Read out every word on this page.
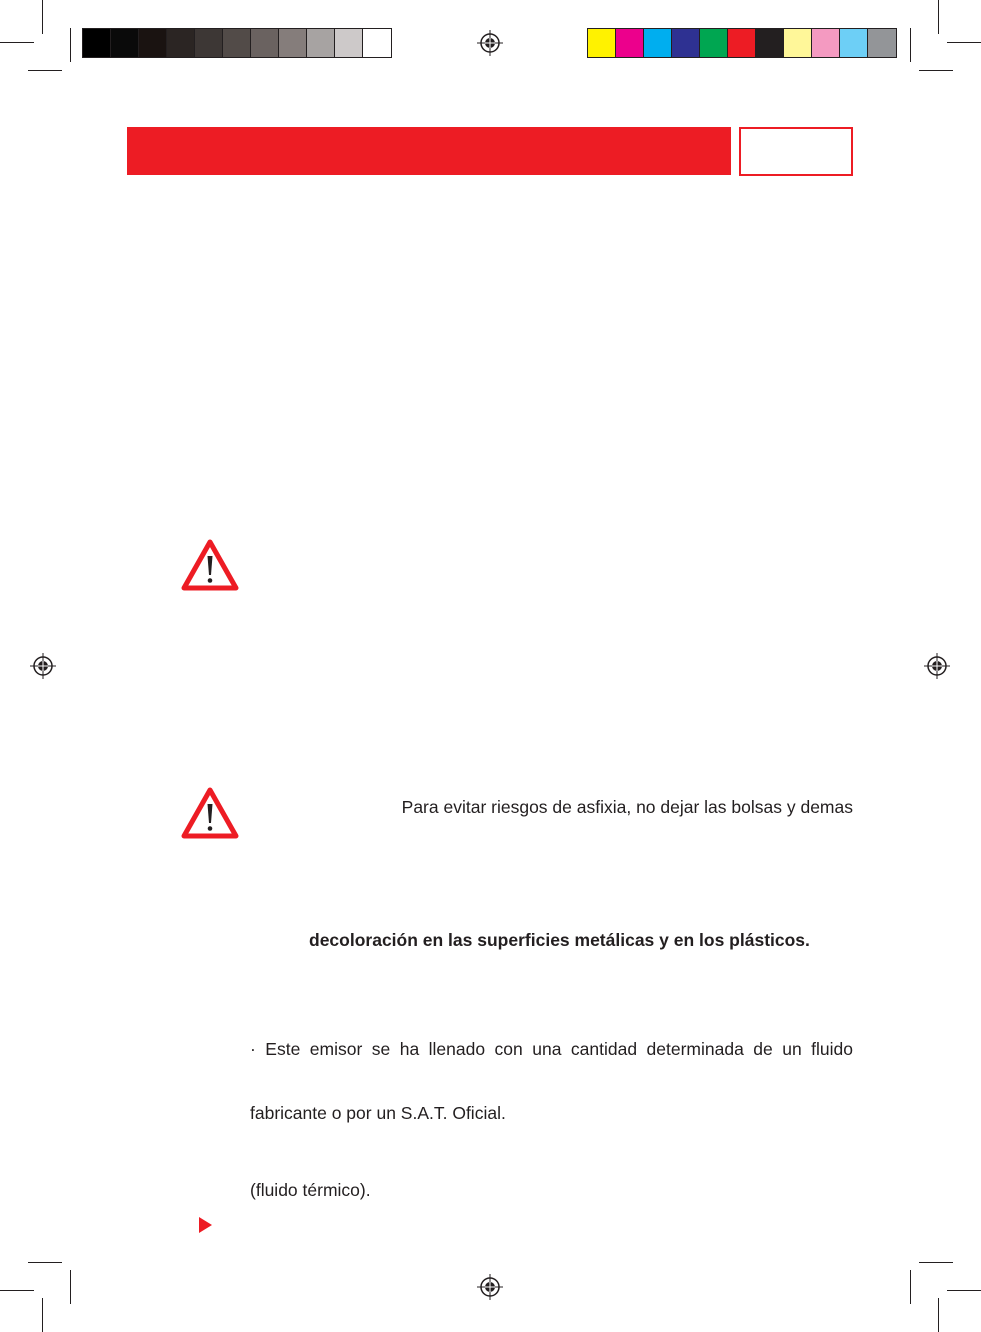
Para evitar riesgos de asfixia, no dejar las bolsas y demas
decoloración en las superficies metálicas y en los plásticos.
· Este emisor se ha llenado con una cantidad determinada de un fluido
fabricante o por un S.A.T. Oficial.
(fluido térmico).
